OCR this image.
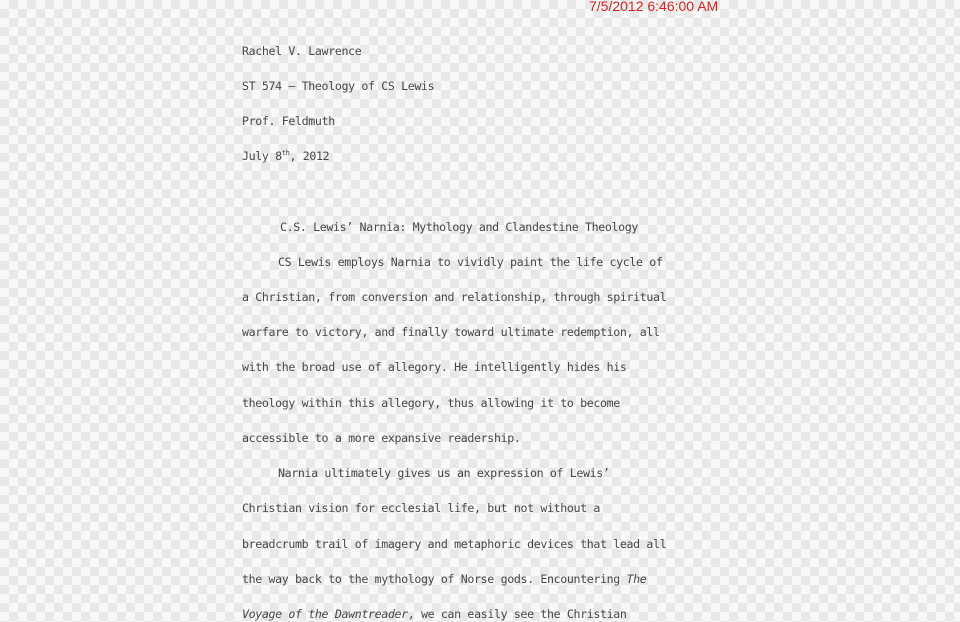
7/5/2012 6:46:00 AM
Rachel V. Lawrence
ST 574 – Theology of CS Lewis
Prof. Feldmuth
July 8th, 2012
C.S. Lewis’ Narnia: Mythology and Clandestine Theology
CS Lewis employs Narnia to vividly paint the life cycle of
a Christian, from conversion and relationship, through spiritual
warfare to victory, and finally toward ultimate redemption, all
with the broad use of allegory. He intelligently hides his
theology within this allegory, thus allowing it to become
accessible to a more expansive readership.
Narnia ultimately gives us an expression of Lewis’
Christian vision for ecclesial life, but not without a
breadcrumb trail of imagery and metaphoric devices that lead all
the way back to the mythology of Norse gods. Encountering The
Voyage of the Dawntreader, we can easily see the Christian
